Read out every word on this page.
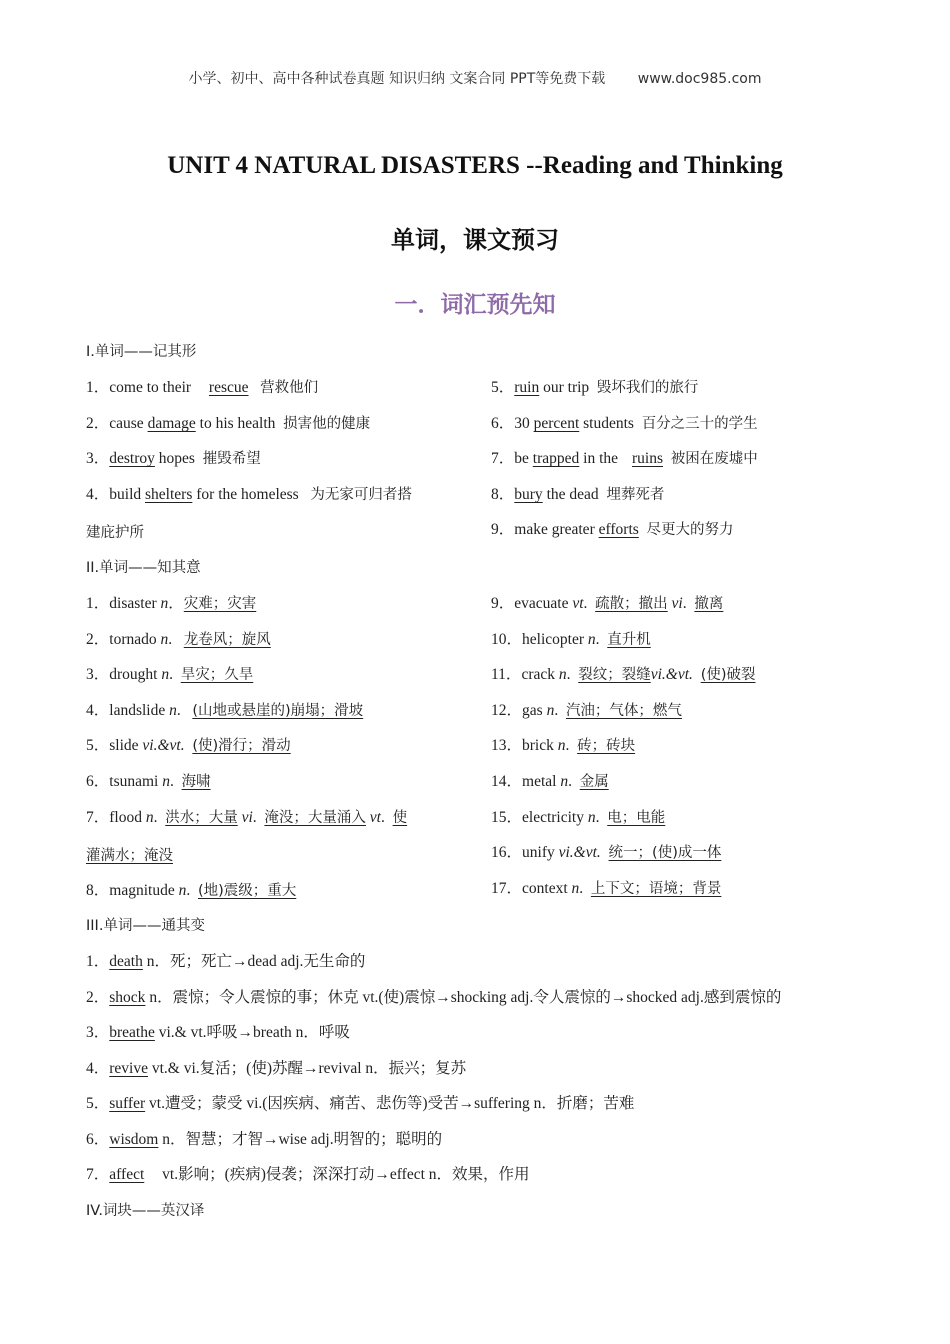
小学、初中、高中各种试卷真题 知识归纳 文案合同 PPT等免费下载 www.doc985.com
UNIT 4 NATURAL DISASTERS --Reading and Thinking
单词，课文预习
一．词汇预先知
I.单词——记其形
1．come to their rescue 营救他们
2．cause damage to his health 损害他的健康
3．destroy hopes 摧毁希望
4．build shelters for the homeless 为无家可归者搭
建庇护所
5．ruin our trip 毁坏我们的旅行
6．30 percent students 百分之三十的学生
7．be trapped in the ruins 被困在废墟中
8．bury the dead 埋葬死者
9．make greater efforts 尽更大的努力
II.单词——知其意
1．disaster n．灾难；灾害
2．tornado n.   龙卷风；旋风
3．drought n.  旱灾；久旱
4．landslide n.   (山地或悬崖的)崩塌；滑坡
5．slide vi.&vt. (使)滑行；滑动
6．tsunami n.  海啸
7．flood n.  洪水；大量 vi.  淹没；大量涌入 vt.  使
灌满水；淹没
8．magnitude n.  (地)震级；重大
9．evacuate vt.  疏散；撤出 vi.  撤离
10．helicopter n.  直升机
11．crack n.  裂纹；裂缝vi.&vt. (使)破裂
12．gas n.  汽油；气体；燃气
13．brick n.  砖；砖块
14．metal n.  金属
15．electricity n.  电；电能
16．unify vi.&vt. 统一；(使)成一体
17．context n.  上下文；语境；背景
III.单词——通其变
1．death n．死；死亡→dead adj.无生命的
2．shock n．震惊；令人震惊的事；休克 vt.(使)震惊→shocking adj.令人震惊的→shocked adj.感到震惊的
3．breathe vi.& vt.呼吸→breath n．呼吸
4．revive vt.& vi.复活；(使)苏醒→revival n．振兴；复苏
5．suffer vt.遭受；蒙受 vi.(因疾病、痛苦、悲伤等)受苦→suffering n．折磨；苦难
6．wisdom n．智慧；才智→wise adj.明智的；聪明的
7．affect vt.影响；(疾病)侵袭；深深打动→effect n．效果，作用
IV.词块——英汉译
